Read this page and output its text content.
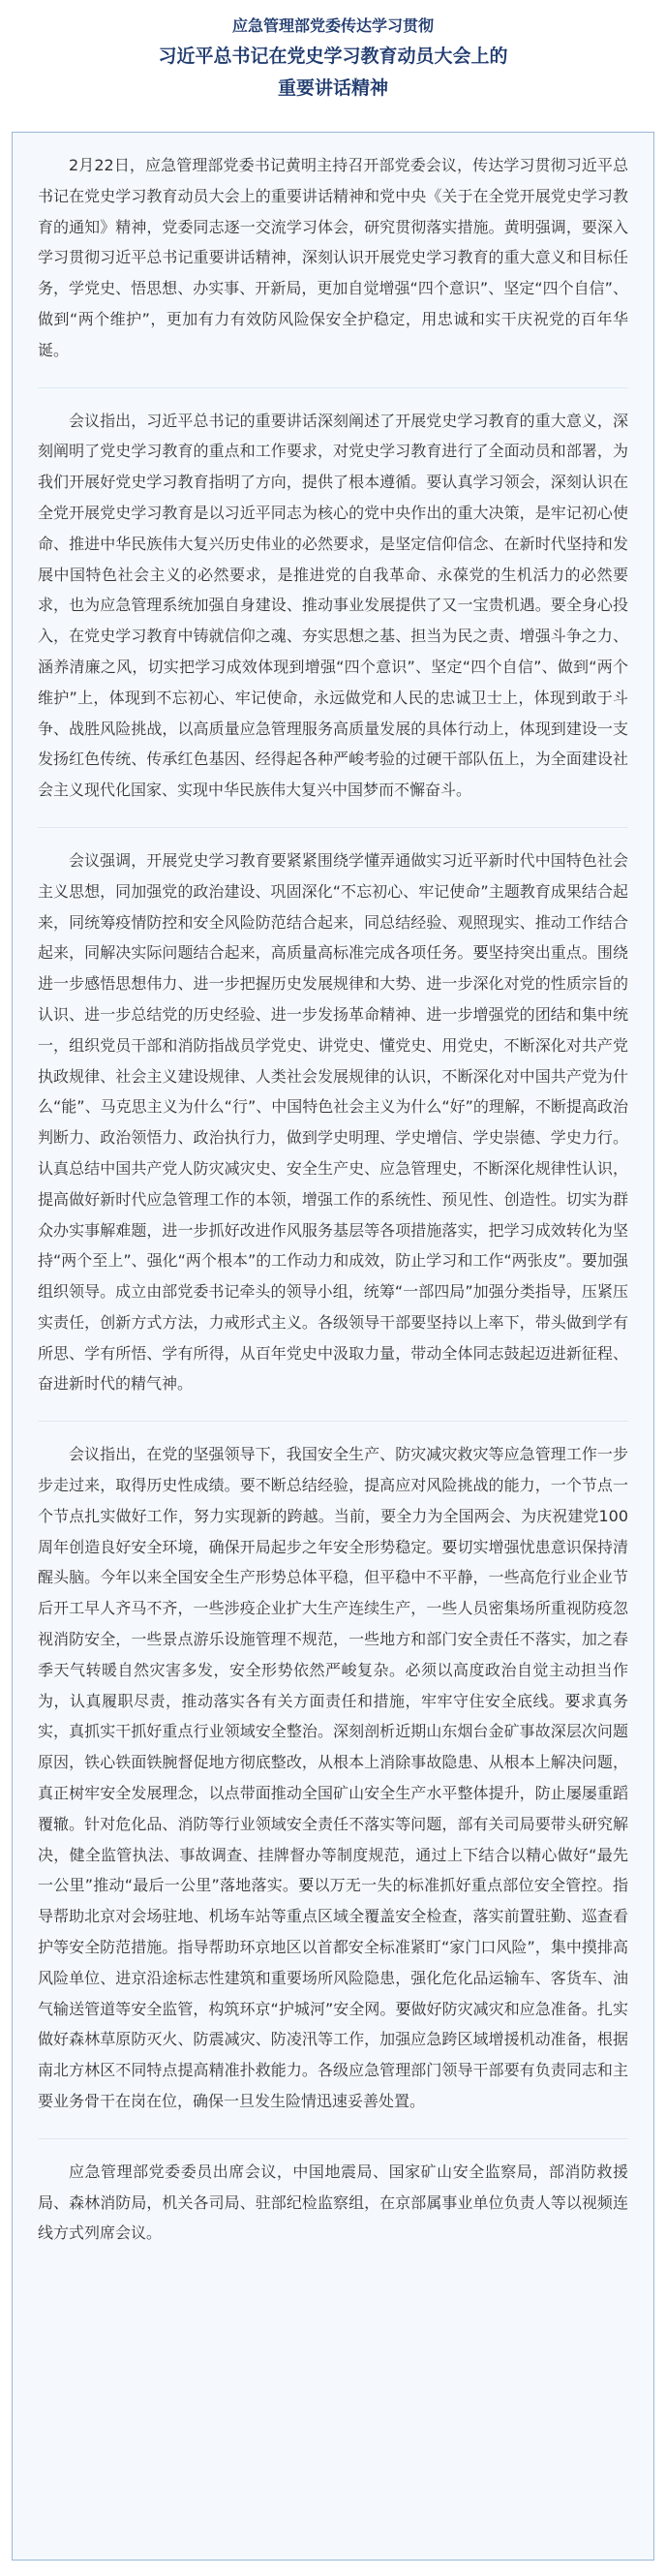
应急管理部党委传达学习贯彻

习近平总书记在党史学习教育动员大会上的

重要讲话精神

2月22日，应急管理部党委书记黄明主持召开部党委会议，传达学习贯彻习近平总书记在党史学习教育动员大会上的重要讲话精神和党中央《关于在全党开展党史学习教育的通知》精神，党委同志逐一交流学习体会，研究贯彻落实措施。黄明强调，要深入学习贯彻习近平总书记重要讲话精神，深刻认识开展党史学习教育的重大意义和目标任务，学党史、悟思想、办实事、开新局，更加自觉增强“四个意识”、坚定“四个自信”、做到“两个维护”，更加有力有效防风险保安全护稳定，用忠诚和实干庆祝党的百年华诞。

会议指出，习近平总书记的重要讲话深刻阐述了开展党史学习教育的重大意义，深刻阐明了党史学习教育的重点和工作要求，对党史学习教育进行了全面动员和部署，为我们开展好党史学习教育指明了方向，提供了根本遵循。要认真学习领会，深刻认识在全党开展党史学习教育是以习近平同志为核心的党中央作出的重大决策，是牢记初心使命、推进中华民族伟大复兴历史伟业的必然要求，是坚定信仰信念、在新时代坚持和发展中国特色社会主义的必然要求，是推进党的自我革命、永葆党的生机活力的必然要求，也为应急管理系统加强自身建设、推动事业发展提供了又一宝贵机遇。要全身心投入，在党史学习教育中铸就信仰之魂、夯实思想之基、担当为民之责、增强斗争之力、涵养清廉之风，切实把学习成效体现到增强“四个意识”、坚定“四个自信”、做到“两个维护”上，体现到不忘初心、牢记使命，永远做党和人民的忠诚卫士上，体现到敢于斗争、战胜风险挑战，以高质量应急管理服务高质量发展的具体行动上，体现到建设一支发扬红色传统、传承红色基因、经得起各种严峻考验的过硬干部队伍上，为全面建设社会主义现代化国家、实现中华民族伟大复兴中国梦而不懈奋斗。

会议强调，开展党史学习教育要紧紧围绕学懂弄通做实习近平新时代中国特色社会主义思想，同加强党的政治建设、巩固深化“不忘初心、牢记使命”主题教育成果结合起来，同统筹疫情防控和安全风险防范结合起来，同总结经验、观照现实、推动工作结合起来，同解决实际问题结合起来，高质量高标准完成各项任务。要坚持突出重点。围绕进一步感悟思想伟力、进一步把握历史发展规律和大势、进一步深化对党的性质宗旨的认识、进一步总结党的历史经验、进一步发扬革命精神、进一步增强党的团结和集中统一，组织党员干部和消防指战员学党史、讲党史、懂党史、用党史，不断深化对共产党执政规律、社会主义建设规律、人类社会发展规律的认识，不断深化对中国共产党为什么“能”、马克思主义为什么“行”、中国特色社会主义为什么“好”的理解，不断提高政治判断力、政治领悟力、政治执行力，做到学史明理、学史增信、学史崇德、学史力行。认真总结中国共产党人防灾减灾史、安全生产史、应急管理史，不断深化规律性认识，提高做好新时代应急管理工作的本领，增强工作的系统性、预见性、创造性。切实为群众办实事解难题，进一步抓好改进作风服务基层等各项措施落实，把学习成效转化为坚持“两个至上”、强化“两个根本”的工作动力和成效，防止学习和工作“两张皮”。要加强组织领导。成立由部党委书记牵头的领导小组，统筹“一部四局”加强分类指导，压紧压实责任，创新方式方法，力戒形式主义。各级领导干部要坚持以上率下，带头做到学有所思、学有所悟、学有所得，从百年党史中汲取力量，带动全体同志鼓起迈进新征程、奋进新时代的精气神。

会议指出，在党的坚强领导下，我国安全生产、防灾减灾救灾等应急管理工作一步步走过来，取得历史性成绩。要不断总结经验，提高应对风险挑战的能力，一个节点一个节点扎实做好工作，努力实现新的跨越。当前，要全力为全国两会、为庆祝建党100周年创造良好安全环境，确保开局起步之年安全形势稳定。要切实增强忧患意识保持清醒头脑。今年以来全国安全生产形势总体平稳，但平稳中不平静，一些高危行业企业节后开工早人齐马不齐，一些涉疫企业扩大生产连续生产，一些人员密集场所重视防疫忽视消防安全，一些景点游乐设施管理不规范，一些地方和部门安全责任不落实，加之春季天气转暖自然灾害多发，安全形势依然严峻复杂。必须以高度政治自觉主动担当作为，认真履职尽责，推动落实各有关方面责任和措施，牢牢守住安全底线。要求真务实，真抓实干抓好重点行业领域安全整治。深刻剖析近期山东烟台金矿事故深层次问题原因，铁心铁面铁腕督促地方彻底整改，从根本上消除事故隐患、从根本上解决问题，真正树牢安全发展理念，以点带面推动全国矿山安全生产水平整体提升，防止屡屡重蹈覆辙。针对危化品、消防等行业领域安全责任不落实等问题，部有关司局要带头研究解决，健全监管执法、事故调查、挂牌督办等制度规范，通过上下结合以精心做好“最先一公里”推动“最后一公里”落地落实。要以万无一失的标准抓好重点部位安全管控。指导帮助北京对会场驻地、机场车站等重点区域全覆盖安全检查，落实前置驻勤、巡查看护等安全防范措施。指导帮助环京地区以首都安全标准紧盯“家门口风险”，集中摸排高风险单位、进京沿途标志性建筑和重要场所风险隐患，强化危化品运输车、客货车、油气输送管道等安全监管，构筑环京“护城河”安全网。要做好防灾减灾和应急准备。扎实做好森林草原防灭火、防震减灾、防凌汛等工作，加强应急跨区域增援机动准备，根据南北方林区不同特点提高精准扑救能力。各级应急管理部门领导干部要有负责同志和主要业务骨干在岗在位，确保一旦发生险情迅速妥善处置。

应急管理部党委委员出席会议，中国地震局、国家矿山安全监察局，部消防救援局、森林消防局，机关各司局、驻部纪检监察组，在京部属事业单位负责人等以视频连线方式列席会议。
